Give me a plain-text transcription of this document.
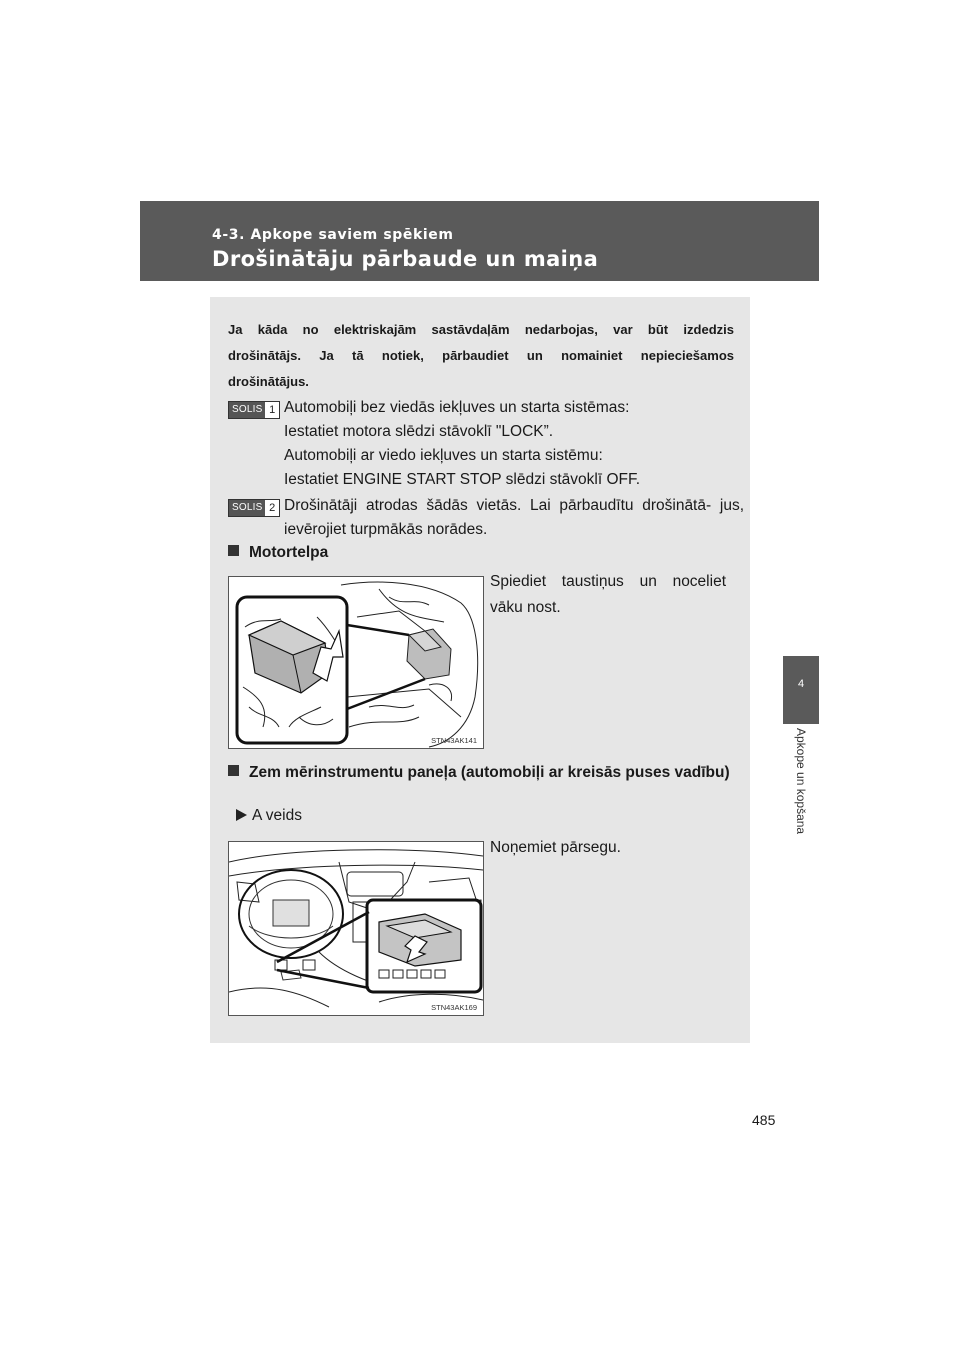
4-3. Apkope saviem spēkiem
Drošinātāju pārbaude un maiņa
4
Apkope un kopšana
Ja kāda no elektriskajām sastāvdaļām nedarbojas, var būt izdedzis
drošinātājs. Ja tā notiek, pārbaudiet un nomainiet nepieciešamos
drošinātājus.
SOLIS 1 Automobiļi bez viedās iekļuves un starta sistēmas:
Iestatiet motora slēdzi stāvoklī "LOCK”.
Automobiļi ar viedo iekļuves un starta sistēmu:
Iestatiet ENGINE START STOP slēdzi stāvoklī OFF.
SOLIS 2 Drošinātāji atrodas šādās vietās. Lai pārbaudītu drošinātā- jus, ievērojiet turpmākās norādes.
Motortelpa
Spiediet taustiņus un noceliet vāku nost.
STN43AK141
Zem mērinstrumentu paneļa (automobiļi ar kreisās puses vadību)
A veids
Noņemiet pārsegu.
STN43AK169
485
